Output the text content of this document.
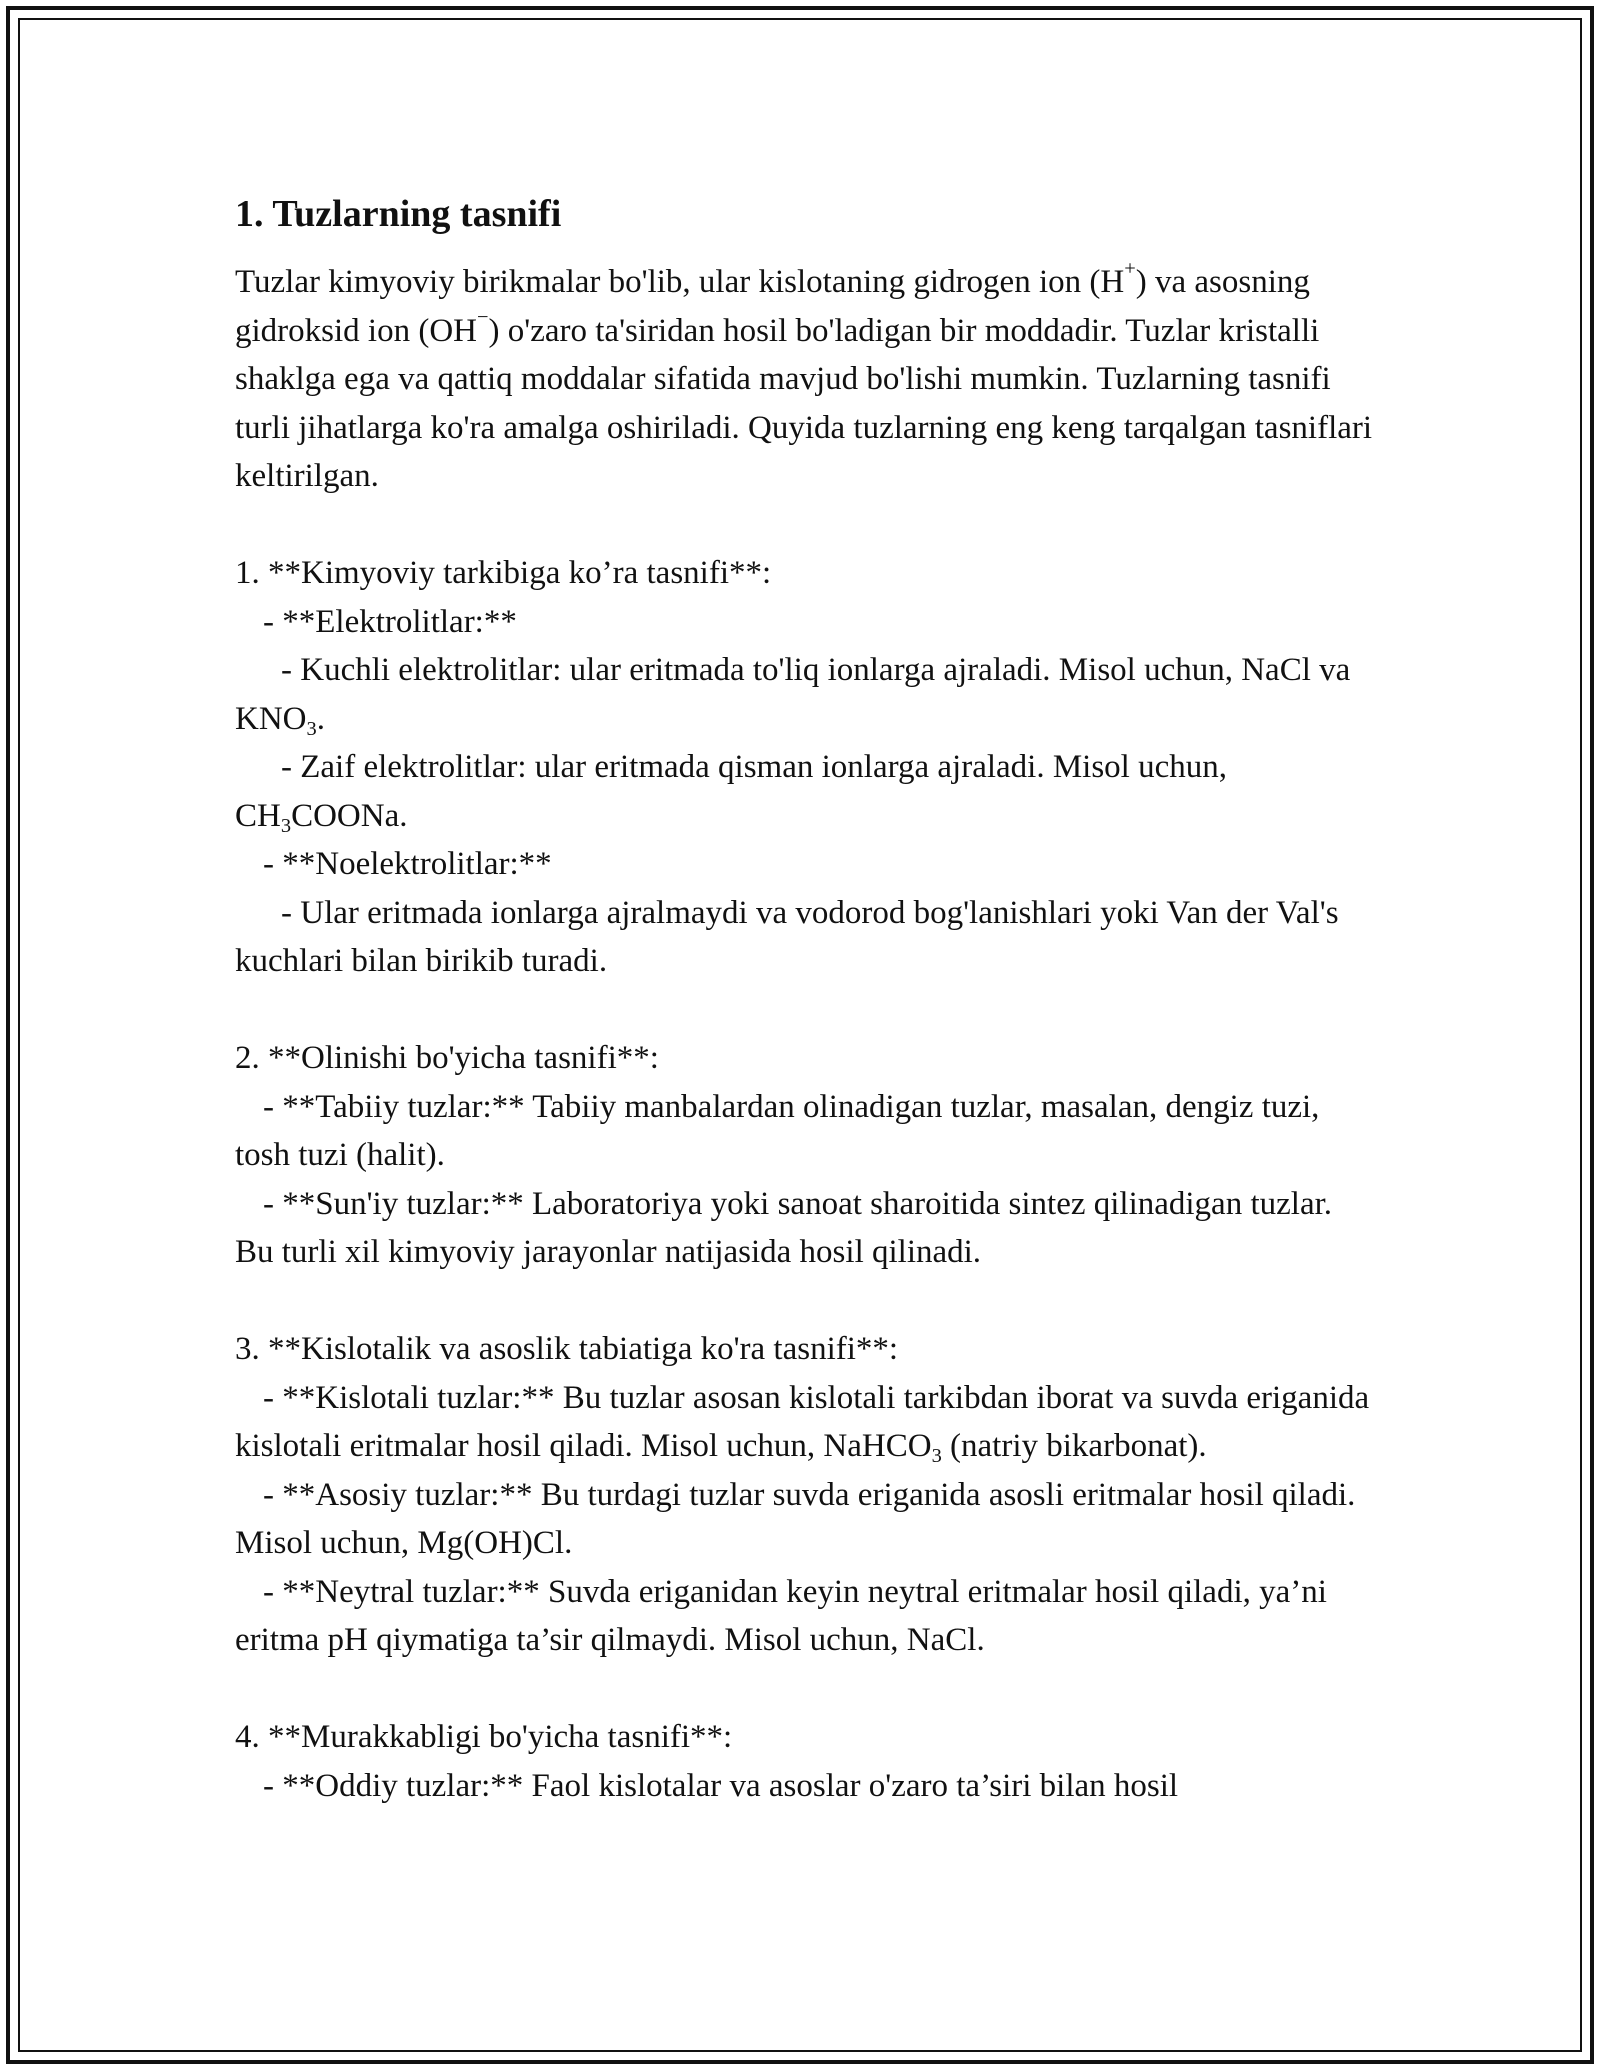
1. Tuzlarning tasnifi

Tuzlar kimyoviy birikmalar bo'lib, ular kislotaning gidrogen ion (H+) va asosning gidroksid ion (OH−) o'zaro ta'siridan hosil bo'ladigan bir moddadir. Tuzlar kristalli shaklga ega va qattiq moddalar sifatida mavjud bo'lishi mumkin. Tuzlarning tasnifi turli jihatlarga ko'ra amalga oshiriladi. Quyida tuzlarning eng keng tarqalgan tasniflari keltirilgan.

1. **Kimyoviy tarkibiga ko’ra tasnifi**:

- **Elektrolitlar:**

- Kuchli elektrolitlar: ular eritmada to'liq ionlarga ajraladi. Misol uchun, NaCl va $KNO_3$.

- Zaif elektrolitlar: ular eritmada qisman ionlarga ajraladi. Misol uchun, $CH_3COONa$.

- **Noelektrolitlar:**

- Ular eritmada ionlarga ajralmaydi va vodorod bog'lanishlari yoki Van der Val's kuchlari bilan birikib turadi.

2. **Olinishi bo'yicha tasnifi**:

- **Tabiiy tuzlar:** Tabiiy manbalardan olinadigan tuzlar, masalan, dengiz tuzi, tosh tuzi (halit).

- **Sun'iy tuzlar:** Laboratoriya yoki sanoat sharoitida sintez qilinadigan tuzlar. Bu turli xil kimyoviy jarayonlar natijasida hosil qilinadi.

3. **Kislotalik va asoslik tabiatiga ko'ra tasnifi**:

- **Kislotali tuzlar:** Bu tuzlar asosan kislotali tarkibdan iborat va suvda eriganida kislotali eritmalar hosil qiladi. Misol uchun, NaHCO$_3$ (natriy bikarbonat).

- **Asosiy tuzlar:** Bu turdagi tuzlar suvda eriganida asosli eritmalar hosil qiladi. Misol uchun, Mg(OH)Cl.

- **Neytral tuzlar:** Suvda eriganidan keyin neytral eritmalar hosil qiladi, ya’ni eritma pH qiymatiga ta’sir qilmaydi. Misol uchun, NaCl.

4. **Murakkabligi bo'yicha tasnifi**:

- **Oddiy tuzlar:** Faol kislotalar va asoslar o'zaro ta’siri bilan hosil
